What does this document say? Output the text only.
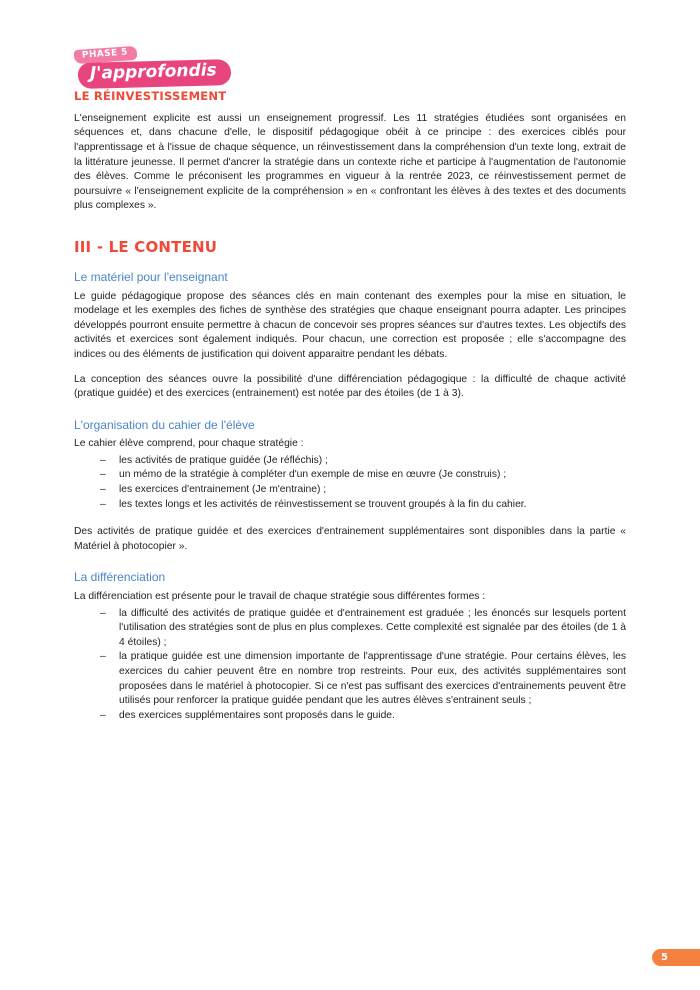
PHASE 5
J'approfondis
LE RÉINVESTISSEMENT

L'enseignement explicite est aussi un enseignement progressif. Les 11 stratégies étudiées sont organisées en séquences et, dans chacune d'elle, le dispositif pédagogique obéit à ce principe : des exercices ciblés pour l'apprentissage et à l'issue de chaque séquence, un réinvestissement dans la compréhension d'un texte long, extrait de la littérature jeunesse. Il permet d'ancrer la stratégie dans un contexte riche et participe à l'augmentation de l'autonomie des élèves. Comme le préconisent les programmes en vigueur à la rentrée 2023, ce réinvestissement permet de poursuivre « l'enseignement explicite de la compréhension » en « confrontant les élèves à des textes et des documents plus complexes ».

III - LE CONTENU
Le matériel pour l'enseignant

Le guide pédagogique propose des séances clés en main contenant des exemples pour la mise en situation, le modelage et les exemples des fiches de synthèse des stratégies que chaque enseignant pourra adapter. Les principes développés pourront ensuite permettre à chacun de concevoir ses propres séances sur d'autres textes. Les objectifs des activités et exercices sont également indiqués. Pour chacun, une correction est proposée ; elle s'accompagne des indices ou des éléments de justification qui doivent apparaitre pendant les débats.

La conception des séances ouvre la possibilité d'une différenciation pédagogique : la difficulté de chaque activité (pratique guidée) et des exercices (entrainement) est notée par des étoiles (de 1 à 3).

L'organisation du cahier de l'élève

Le cahier élève comprend, pour chaque stratégie :

– les activités de pratique guidée (Je réfléchis) ;
– un mémo de la stratégie à compléter d'un exemple de mise en œuvre (Je construis) ;
– les exercices d'entrainement (Je m'entraine) ;
– les textes longs et les activités de réinvestissement se trouvent groupés à la fin du cahier.

Des activités de pratique guidée et des exercices d'entrainement supplémentaires sont disponibles dans la partie « Matériel à photocopier ».

La différenciation

La différenciation est présente pour le travail de chaque stratégie sous différentes formes :

– la difficulté des activités de pratique guidée et d'entrainement est graduée ; les énoncés sur lesquels portent l'utilisation des stratégies sont de plus en plus complexes. Cette complexité est signalée par des étoiles (de 1 à 4 étoiles) ;
– la pratique guidée est une dimension importante de l'apprentissage d'une stratégie. Pour certains élèves, les exercices du cahier peuvent être en nombre trop restreints. Pour eux, des activités supplémentaires sont proposées dans le matériel à photocopier. Si ce n'est pas suffisant des exercices d'entrainements peuvent être utilisés pour renforcer la pratique guidée pendant que les autres élèves s'entrainent seuls ;
– des exercices supplémentaires sont proposés dans le guide.
5
